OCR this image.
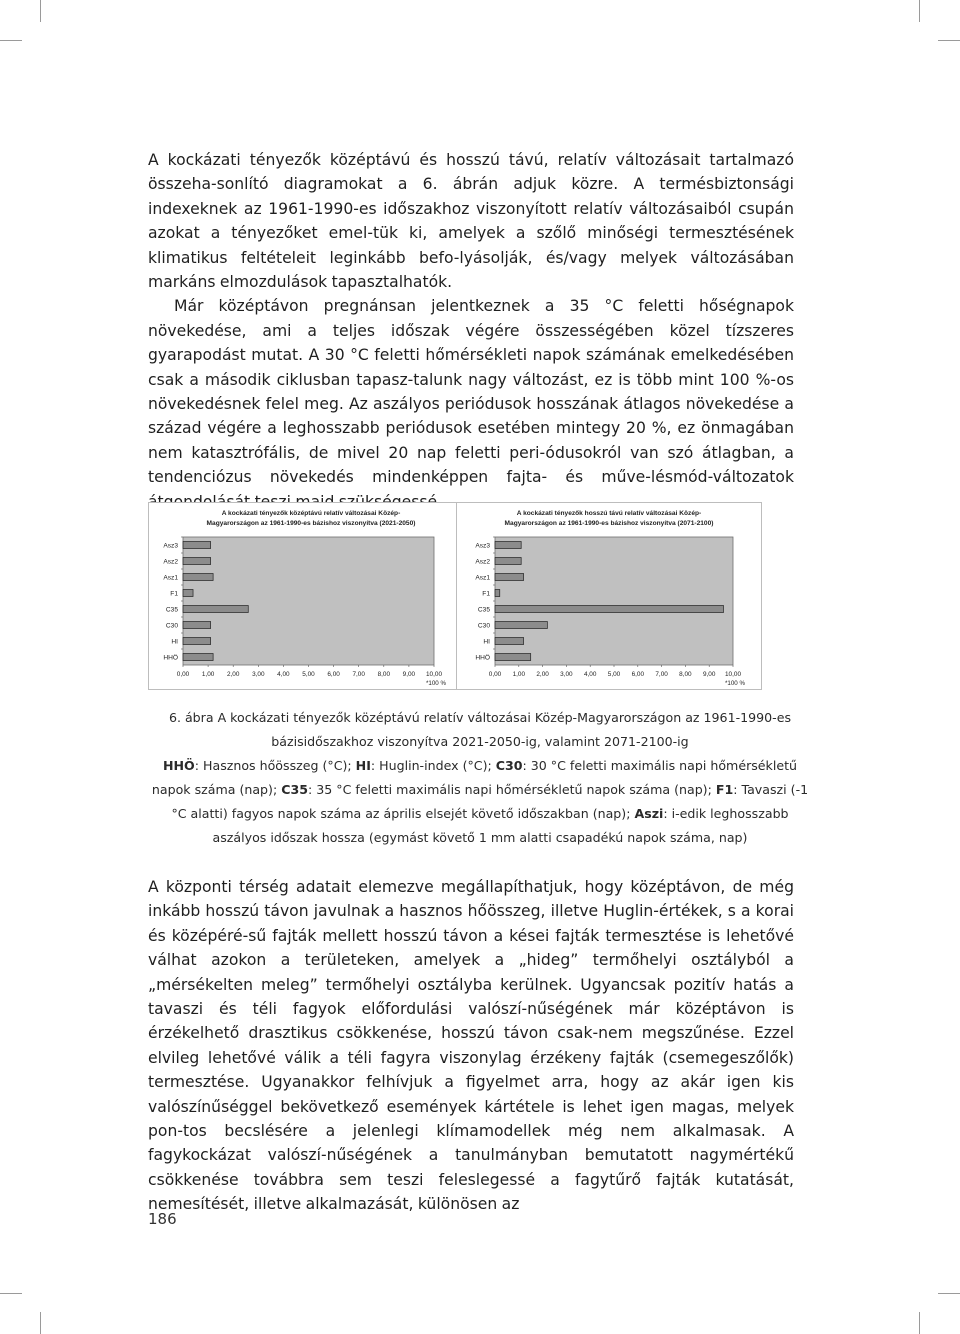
A kockázati tényezők középtávú és hosszú távú, relatív változásait tartalmazó összeha-sonlító diagramokat a 6. ábrán adjuk közre. A termésbiztonsági indexeknek az 1961-1990-es időszakhoz viszonyított relatív változásaiból csupán azokat a tényezőket emel-tük ki, amelyek a szőlő minőségi termesztésének klimatikus feltételeit leginkább befo-lyásolják, és/vagy melyek változásában markáns elmozdulások tapasztalhatók.
Már középtávon pregnánsan jelentkeznek a 35 °C feletti hőségnapok növekedése, ami a teljes időszak végére összességében közel tízszeres gyarapodást mutat. A 30 °C feletti hőmérsékleti napok számának emelkedésében csak a második ciklusban tapasz-talunk nagy változást, ez is több mint 100 %-os növekedésnek felel meg. Az aszályos periódusok hosszának átlagos növekedése a század végére a leghosszabb periódusok esetében mintegy 20 %, ez önmagában nem katasztrófális, de mivel 20 nap feletti peri-ódusokról van szó átlagban, a tendenciózus növekedés mindenképpen fajta- és műve-lésmód-változatok
A kockázati tényezők középtávú relatív változásai Közép-
Magyarországon az 1961-1990-es bázishoz viszonyítva (2021-2050)
Asz3
Asz2
Asz1
F1
C35
C30
HI
HHÖ
0,00 1,00 2,00 3,00 4,00 5,00 6,00 7,00 8,00 9,00 10,00
*100 %
A kockázati tényezők hosszú távú relatív változásai Közép-
Magyarországon az 1961-1990-es bázishoz viszonyítva (2071-2100)
Asz3
Asz2
Asz1
F1
C35
C30
HI
HHÖ
0,00 1,00 2,00 3,00 4,00 5,00 6,00 7,00 8,00 9,00 10,00
*100 %
6. ábra A kockázati tényezők középtávú relatív változásai Közép-Magyarországon az 1961-1990-es
bázisidőszakhoz viszonyítva 2021-2050-ig, valamint 2071-2100-ig
HHÖ: Hasznos hőösszeg (°C); HI: Huglin-index (°C); C30: 30 °C feletti maximális napi hőmérsékletű napok száma (nap); C35: 35 °C feletti maximális napi hőmérsékletű napok száma (nap); F1: Tavaszi (-1 °C alatti) fagyos napok száma az április elsejét követő időszakban (nap); Aszi: i-edik leghosszabb aszályos időszak hossza (egymást követő 1 mm alatti csapadékú napok száma, nap)
A központi térség adatait elemezve megállapíthatjuk, hogy középtávon, de még inkább hosszú távon javulnak a hasznos hőösszeg, illetve Huglin-értékek, s a korai és középéré-sű fajták mellett hosszú távon a kései fajták termesztése is lehetővé válhat azokon a területeken, amelyek a „hideg” termőhelyi osztályból a „mérsékelten meleg” termőhelyi osztályba kerülnek. Ugyancsak pozitív hatás a tavaszi és téli fagyok előfordulási valószí-nűségének már középtávon is érzékelhető drasztikus csökkenése, hosszú távon csak-nem megszűnése. Ezzel elvileg lehetővé válik a téli fagyra viszonylag érzékeny fajták (csemegeszőlők) termesztése. Ugyanakkor felhívjuk a figyelmet arra, hogy az akár igen kis valószínűséggel bekövetkező események kártétele is lehet igen magas, melyek pon-tos becslésére a jelenlegi klímamodellek még nem alkalmasak. A fagykockázat valószí-nűségének a tanulmányban bemutatott nagymértékű csökkenése továbbra sem teszi feleslegessé a fagytűrő fajták kutatását, nemesítését, illetve alkalmazását, különösen az
186
